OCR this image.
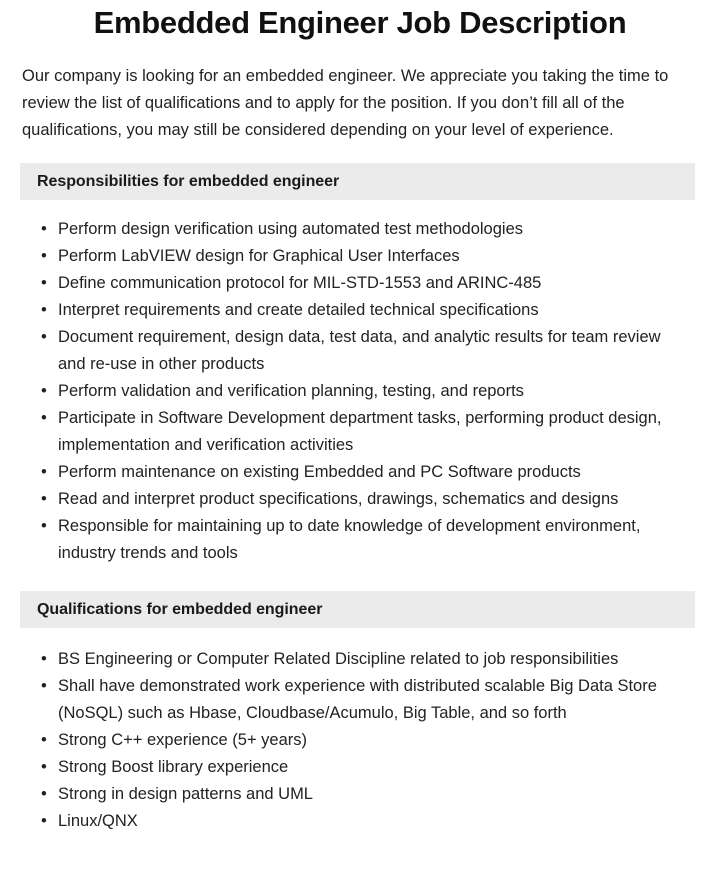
Embedded Engineer Job Description

Our company is looking for an embedded engineer. We appreciate you taking the time to review the list of qualifications and to apply for the position. If you don’t fill all of the qualifications, you may still be considered depending on your level of experience.

Responsibilities for embedded engineer
• Perform design verification using automated test methodologies
• Perform LabVIEW design for Graphical User Interfaces
• Define communication protocol for MIL-STD-1553 and ARINC-485
• Interpret requirements and create detailed technical specifications
• Document requirement, design data, test data, and analytic results for team review and re-use in other products
• Perform validation and verification planning, testing, and reports
• Participate in Software Development department tasks, performing product design, implementation and verification activities
• Perform maintenance on existing Embedded and PC Software products
• Read and interpret product specifications, drawings, schematics and designs
• Responsible for maintaining up to date knowledge of development environment, industry trends and tools
Qualifications for embedded engineer
• BS Engineering or Computer Related Discipline related to job responsibilities
• Shall have demonstrated work experience with distributed scalable Big Data Store (NoSQL) such as Hbase, Cloudbase/Acumulo, Big Table, and so forth
• Strong C++ experience (5+ years)
• Strong Boost library experience
• Strong in design patterns and UML
• Linux/QNX
